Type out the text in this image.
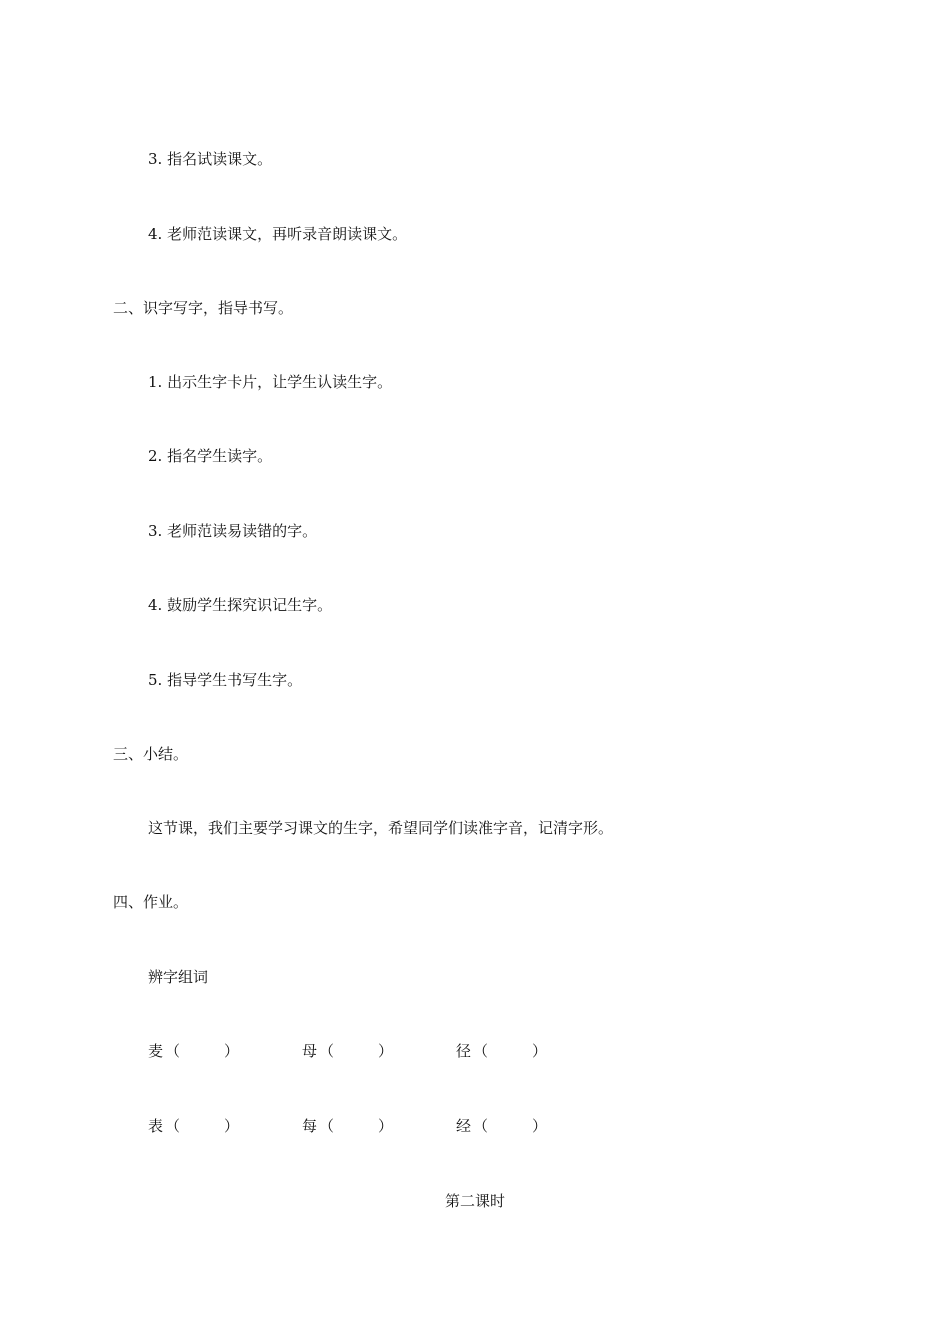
3. 指名试读课文。
4. 老师范读课文，再听录音朗读课文。
二、识字写字，指导书写。
1. 出示生字卡片，让学生认读生字。
2. 指名学生读字。
3. 老师范读易读错的字。
4. 鼓励学生探究识记生字。
5. 指导学生书写生字。
三、小结。
这节课，我们主要学习课文的生字，希望同学们读准字音，记清字形。
四、作业。
辨字组词
麦 （	）	母 （	）	径 （	）
表 （	）	每 （	）	经 （	）
第二课时
